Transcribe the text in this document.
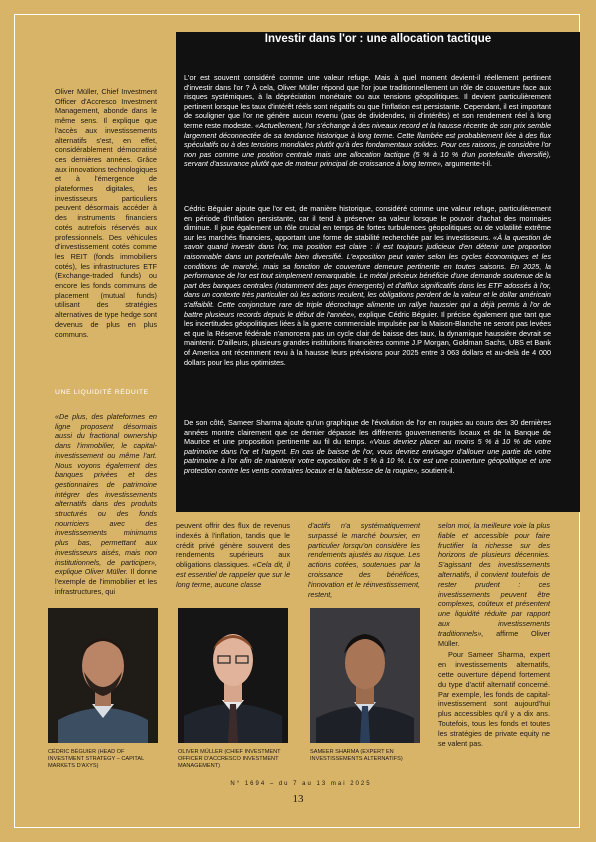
Oliver Müller, Chief Investment Officer d'Accresco Investment Management, abonde dans le même sens. Il explique que l'accès aux investissements alternatifs s'est, en effet, considérablement démocratisé ces dernières années. Grâce aux innovations technologiques et à l'émergence de plateformes digitales, les investisseurs particuliers peuvent désormais accéder à des instruments financiers cotés autrefois réservés aux professionnels. Des véhicules d'investissement cotés comme les REIT (fonds immobiliers cotés), les infrastructures ETF (Exchange-traded funds) ou encore les fonds communs de placement (mutual funds) utilisant des stratégies alternatives de type hedge sont devenus de plus en plus communs.

UNE LIQUIDITÉ RÉDUITE

«De plus, des plateformes en ligne proposent désormais aussi du fractional ownership dans l'immobilier, le capital-investissement ou même l'art. Nous voyons également des banques privées et des gestionnaires de patrimoine intégrer des investissements alternatifs dans des produits structurés ou des fonds nourriciers avec des investissements minimums plus bas, permettant aux investisseurs aisés, mais non institutionnels, de participer», explique Oliver Müller. Il donne l'exemple de l'immobilier et les infrastructures, qui

Investir dans l'or : une allocation tactique

L'or est souvent considéré comme une valeur refuge. Mais à quel moment devient-il réellement pertinent d'investir dans l'or ? À cela, Oliver Müller répond que l'or joue traditionnellement un rôle de couverture face aux risques systémiques, à la dépréciation monétaire ou aux tensions géopolitiques. Il devient particulièrement pertinent lorsque les taux d'intérêt réels sont négatifs ou que l'inflation est persistante. Cependant, il est important de souligner que l'or ne génère aucun revenu (pas de dividendes, ni d'intérêts) et son rendement réel à long terme reste modeste. «Actuellement, l'or s'échange à des niveaux record et la hausse récente de son prix semble largement déconnectée de sa tendance historique à long terme. Cette flambée est probablement liée à des flux spéculatifs ou à des tensions mondiales plutôt qu'à des fondamentaux solides. Pour ces raisons, je considère l'or non pas comme une position centrale mais une allocation tactique (5 % à 10 % d'un portefeuille diversifié), servant d'assurance plutôt que de moteur principal de croissance à long terme», argumente-t-il.

Cédric Béguier ajoute que l'or est, de manière historique, considéré comme une valeur refuge, particulièrement en période d'inflation persistante, car il tend à préserver sa valeur lorsque le pouvoir d'achat des monnaies diminue. Il joue également un rôle crucial en temps de fortes turbulences géopolitiques ou de volatilité extrême sur les marchés financiers, apportant une forme de stabilité recherchée par les investisseurs. «À la question de savoir quand investir dans l'or, ma position est claire : il est toujours judicieux d'en détenir une proportion raisonnable dans un portefeuille bien diversifié. L'exposition peut varier selon les cycles économiques et les conditions de marché, mais sa fonction de couverture demeure pertinente en toutes saisons. En 2025, la performance de l'or est tout simplement remarquable. Le métal précieux bénéficie d'une demande soutenue de la part des banques centrales (notamment des pays émergents) et d'afflux significatifs dans les ETF adossés à l'or, dans un contexte très particulier où les actions reculent, les obligations perdent de la valeur et le dollar américain s'affaiblit. Cette conjoncture rare de triple décrochage alimente un rallye haussier qui a déjà permis à l'or de battre plusieurs records depuis le début de l'année», explique Cédric Béguier. Il précise également que tant que les incertitudes géopolitiques liées à la guerre commerciale impulsée par la Maison-Blanche ne seront pas levées et que la Réserve fédérale n'amorcera pas un cycle clair de baisse des taux, la dynamique haussière devrait se maintenir. D'ailleurs, plusieurs grandes institutions financières comme J.P Morgan, Goldman Sachs, UBS et Bank of America ont récemment revu à la hausse leurs prévisions pour 2025 entre 3 063 dollars et au-delà de 4 000 dollars pour les plus optimistes.

De son côté, Sameer Sharma ajoute qu'un graphique de l'évolution de l'or en roupies au cours des 30 dernières années montre clairement que ce dernier dépasse les différents gouvernements locaux et de la Banque de Maurice et une proposition pertinente au fil du temps. «Vous devriez placer au moins 5 % à 10 % de votre patrimoine dans l'or et l'argent. En cas de baisse de l'or, vous devriez envisager d'allouer une partie de votre patrimoine à l'or afin de maintenir votre exposition de 5 % à 10 %. L'or est une couverture géopolitique et une protection contre les vents contraires locaux et la faiblesse de la roupie», soutient-il.

peuvent offrir des flux de revenus indexés à l'inflation, tandis que le crédit privé génère souvent des rendements supérieurs aux obligations classiques. «Cela dit, il est essentiel de rappeler que sur le long terme, aucune classe
d'actifs n'a systématiquement surpassé le marché boursier, en particulier lorsqu'on considère les rendements ajustés au risque. Les actions cotées, soutenues par la croissance des bénéfices, l'innovation et le réinvestissement, restent,
selon moi, la meilleure voie la plus fiable et accessible pour faire fructifier la richesse sur des horizons de plusieurs décennies. S'agissant des investissements alternatifs, il convient toutefois de rester prudent : ces investissements peuvent être complexes, coûteux et présentent une liquidité réduite par rapport aux investissements traditionnels», affirme Oliver Müller.
Pour Sameer Sharma, expert en investissements alternatifs, cette ouverture dépend fortement du type d'actif alternatif concerné. Par exemple, les fonds de capital-investissement sont aujourd'hui plus accessibles qu'il y a dix ans. Toutefois, tous les fonds et toutes les stratégies de private equity ne se valent pas.
CÉDRIC BÉGUIER (HEAD OF INVESTMENT STRATEGY – CAPITAL MARKETS D'AXYS)
OLIVER MÜLLER (CHIEF INVESTMENT OFFICER D'ACCRESCO INVESTMENT MANAGEMENT)
SAMEER SHARMA (EXPERT EN INVESTISSEMENTS ALTERNATIFS)
N° 1694 – du 7 au 13 mai 2025
13
